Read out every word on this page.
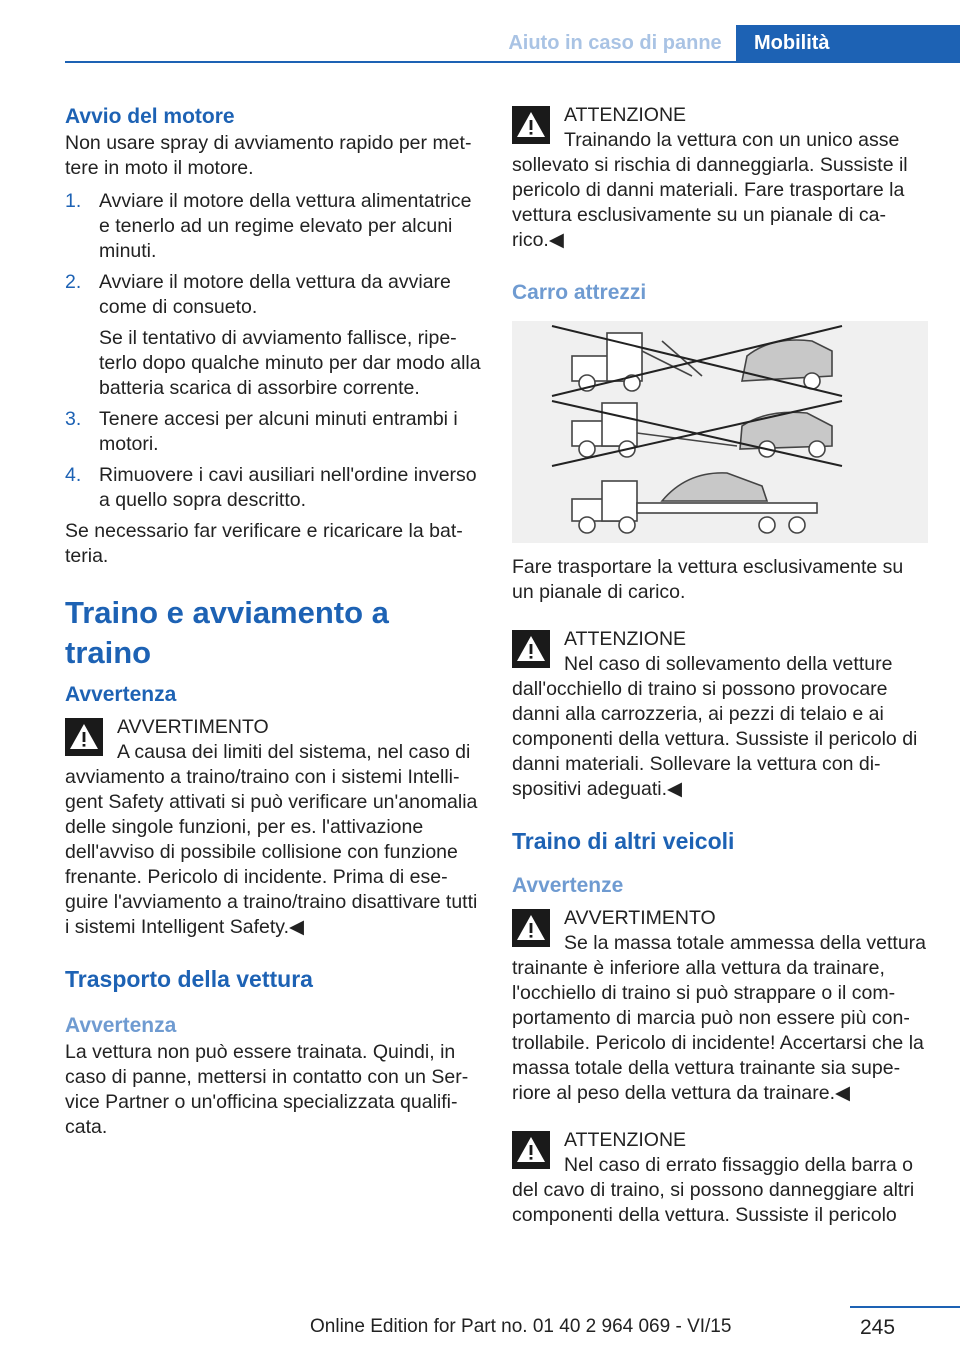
Aiuto in caso di panne	Mobilità
Avvio del motore

Non usare spray di avviamento rapido per mettere in moto il motore.

1. Avviare il motore della vettura alimentatrice e tenerlo ad un regime elevato per alcuni minuti.

2. Avviare il motore della vettura da avviare come di consueto.

Se il tentativo di avviamento fallisce, ripeterlo dopo qualche minuto per dar modo alla batteria scarica di assorbire corrente.

3. Tenere accesi per alcuni minuti entrambi i motori.

4. Rimuovere i cavi ausiliari nell'ordine inverso a quello sopra descritto.

Se necessario far verificare e ricaricare la batteria.

Traino e avviamento a traino
Avvertenza

AVVERTIMENTO

A causa dei limiti del sistema, nel caso di avviamento a traino/traino con i sistemi Intelligent Safety attivati si può verificare un'anomalia delle singole funzioni, per es. l'attivazione dell'avviso di possibile collisione con funzione frenante. Pericolo di incidente. Prima di eseguire l'avviamento a traino/traino disattivare tutti i sistemi Intelligent Safety.◀

Trasporto della vettura
Avvertenza

La vettura non può essere trainata. Quindi, in caso di panne, mettersi in contatto con un Service Partner o un'officina specializzata qualificata.

ATTENZIONE

Trainando la vettura con un unico asse sollevato si rischia di danneggiarla. Sussiste il pericolo di danni materiali. Fare trasportare la vettura esclusivamente su un pianale di carico.◀

Carro attrezzi

Fare trasportare la vettura esclusivamente su un pianale di carico.

ATTENZIONE

Nel caso di sollevamento della vetture dall'occhiello di traino si possono provocare danni alla carrozzeria, ai pezzi di telaio e ai componenti della vettura. Sussiste il pericolo di danni materiali. Sollevare la vettura con dispositivi adeguati.◀

Traino di altri veicoli
Avvertenze

AVVERTIMENTO

Se la massa totale ammessa della vettura trainante è inferiore alla vettura da trainare, l'occhiello di traino si può strappare o il comportamento di marcia può non essere più controllabile. Pericolo di incidente! Accertarsi che la massa totale della vettura trainante sia superiore al peso della vettura da trainare.◀

ATTENZIONE

Nel caso di errato fissaggio della barra o del cavo di traino, si possono danneggiare altri componenti della vettura. Sussiste il pericolo

245
Online Edition for Part no. 01 40 2 964 069 - VI/15
